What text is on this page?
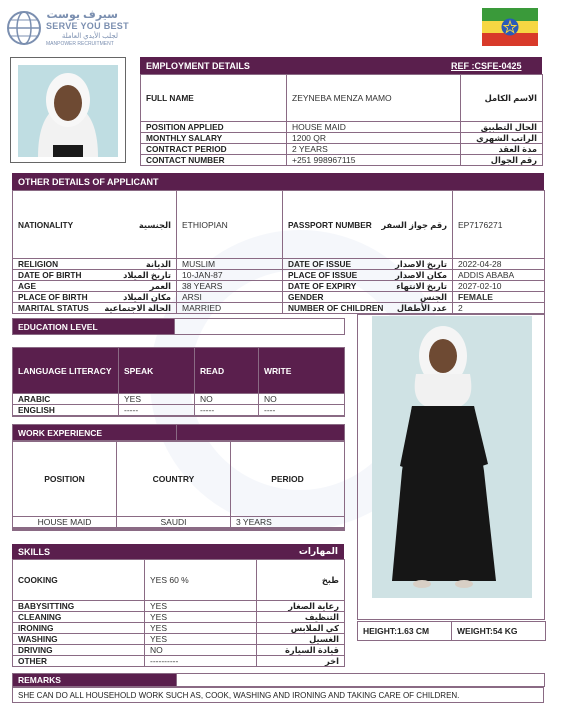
سيرف يوست
SERVE YOU BEST
لجلب الأيدي العاملة
MANPOWER RECRUITMENT
EMPLOYMENT DETAILS	REF :CSFE-0425
FULL NAME	ZEYNEBA MENZA MAMO	الاسم الكامل
POSITION APPLIED	HOUSE MAID	الحال التطبيق
MONTHLY SALARY	1200 QR	الراتب الشهري
CONTRACT PERIOD	2 YEARS	مدة العقد
CONTACT NUMBER	+251 998967115	رقم الجوال
OTHER DETAILS OF APPLICANT
NATIONALITY	الجنسية	ETHIOPIAN	PASSPORT NUMBER	رقم جواز السفر	EP7176271
RELIGION	الديانة	MUSLIM	DATE OF ISSUE	تاريخ الاصدار	2022-04-28
DATE OF BIRTH	تاريخ الميلاد	10-JAN-87	PLACE OF ISSUE	مكان الاصدار	ADDIS ABABA
AGE	العمر	38 YEARS	DATE OF EXPIRY	تاريخ الانتهاء	2027-02-10
PLACE OF BIRTH	مكان الميلاد	ARSI	GENDER	الجنس	FEMALE
MARITAL STATUS	الحالة الاجتماعية	MARRIED	NUMBER OF CHILDREN	عدد الأطفال	2
EDUCATION LEVEL	
LANGUAGE LITERACY	SPEAK	READ	WRITE
ARABIC	YES	NO	NO
ENGLISH	-----	-----	----

WORK EXPERIENCE	
POSITION	COUNTRY	PERIOD
HOUSE MAID	SAUDI	3 YEARS

HEIGHT:1.63 CM	WEIGHT:54 KG
SKILLS	المهارات
COOKING	YES 60 %	طبخ
BABYSITTING	YES	رعاية الصغار
CLEANING	YES	التنظيف
IRONING	YES	كي الملابس
WASHING	YES	الغسيل
DRIVING	NO	قيادة السيارة
OTHER	----------	اخر
REMARKS	
SHE CAN DO ALL HOUSEHOLD WORK SUCH AS, COOK, WASHING AND IRONING AND TAKING CARE OF CHILDREN.
